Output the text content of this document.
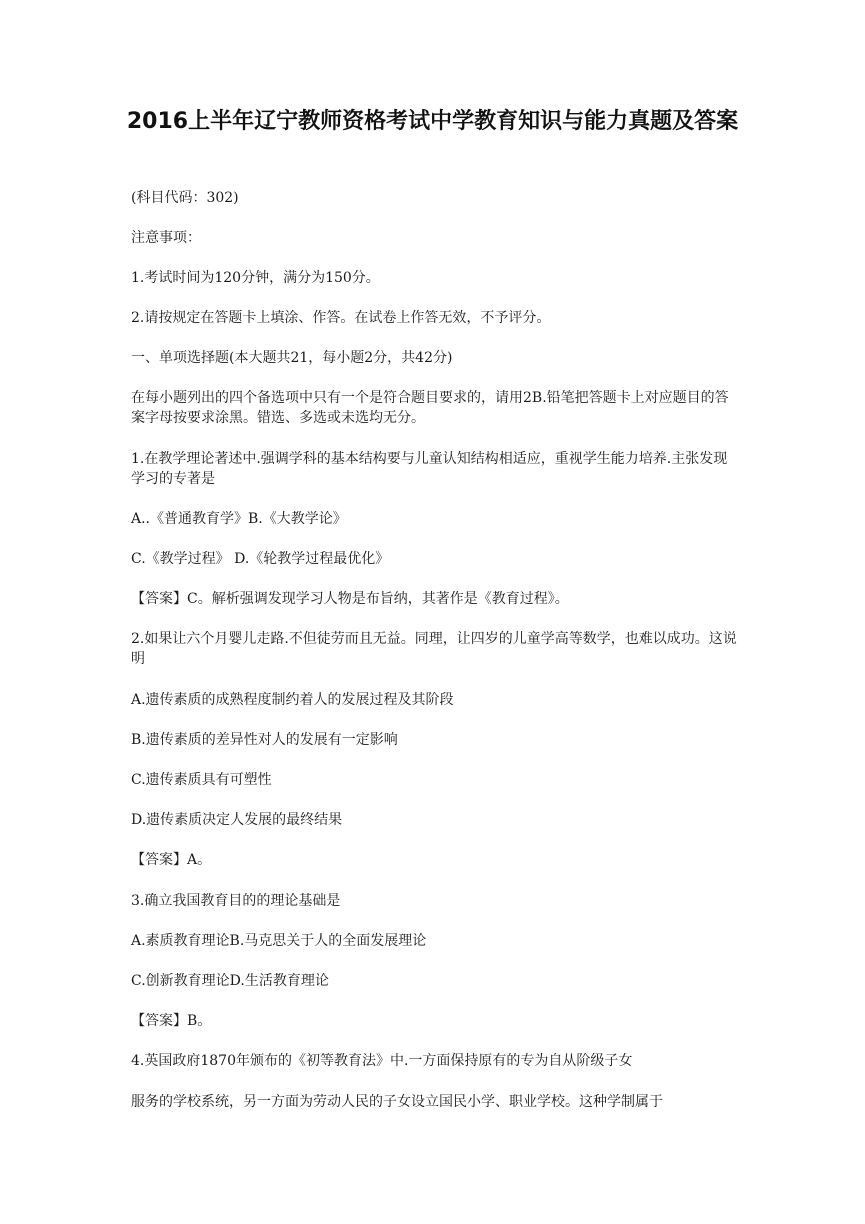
2016上半年辽宁教师资格考试中学教育知识与能力真题及答案

(科目代码：302)

注意事项：

1.考试时间为120分钟，满分为150分。

2.请按规定在答题卡上填涂、作答。在试卷上作答无效，不予评分。

一、单项选择题(本大题共21，每小题2分，共42分)

在每小题列出的四个备选项中只有一个是符合题目要求的，请用2B.铅笔把答题卡上对应题目的答案字母按要求涂黑。错选、多选或未选均无分。

1.在教学理论著述中.强调学科的基本结构要与儿童认知结构相适应，重视学生能力培养.主张发现学习的专著是

A..《普通教育学》B.《大教学论》

C.《教学过程》 D.《轮教学过程最优化》

【答案】C。解析强调发现学习人物是布旨纳，其著作是《教育过程》。

2.如果让六个月婴儿走路.不但徒劳而且无益。同理，让四岁的儿童学高等数学，也难以成功。这说明

A.遗传素质的成熟程度制约着人的发展过程及其阶段

B.遗传素质的差异性对人的发展有一定影响

C.遗传素质具有可塑性

D.遗传素质决定人发展的最终结果

【答案】A。

3.确立我国教育目的的理论基础是

A.素质教育理论B.马克思关于人的全面发展理论

C.创新教育理论D.生活教育理论

【答案】B。

4.英国政府1870年颁布的《初等教育法》中.一方面保持原有的专为自从阶级子女

服务的学校系统，另一方面为劳动人民的子女设立国民小学、职业学校。这种学制属于
